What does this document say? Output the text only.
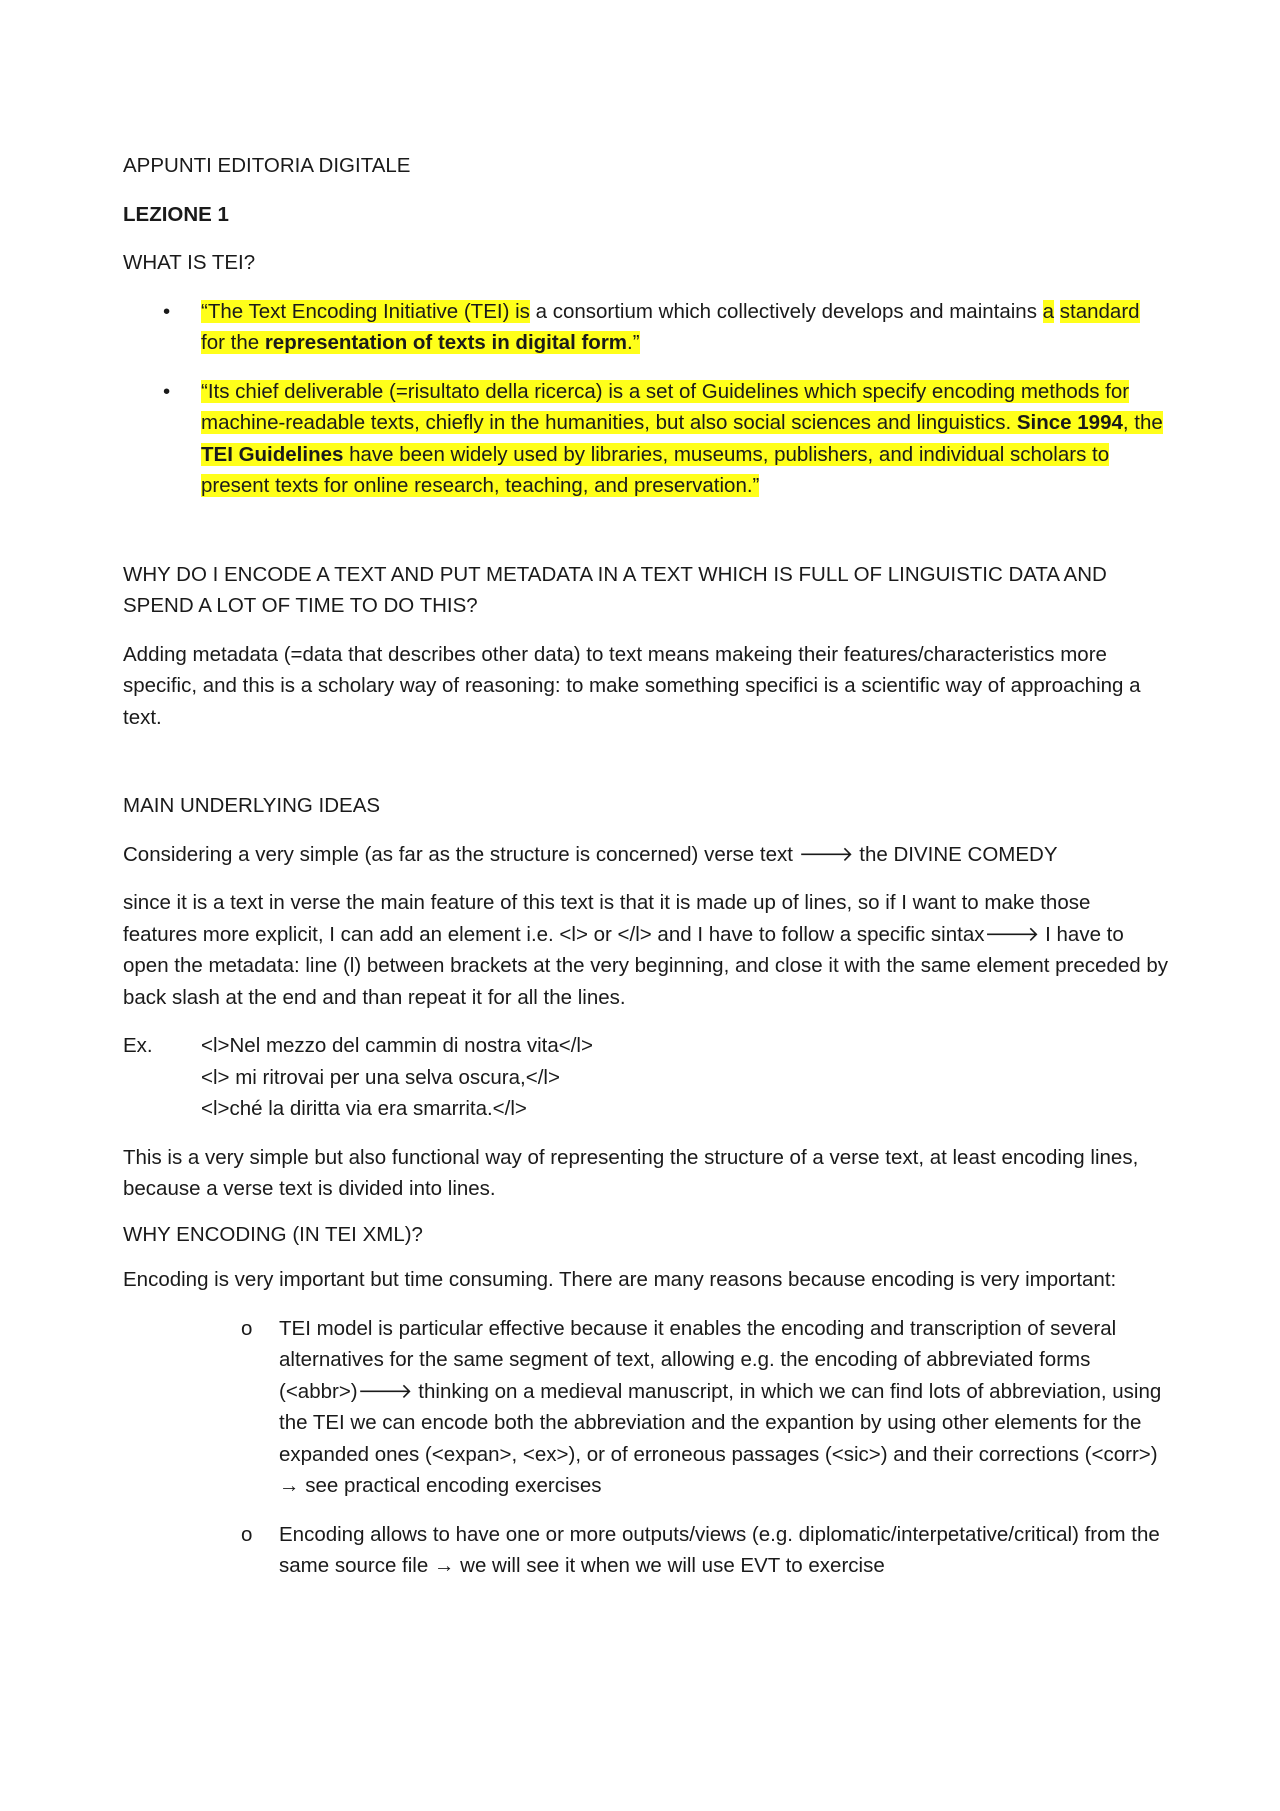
APPUNTI EDITORIA DIGITALE

LEZIONE 1

WHAT IS TEI?

• “The Text Encoding Initiative (TEI) is a consortium which collectively develops and maintains a standard for the representation of texts in digital form.”
• “Its chief deliverable (=risultato della ricerca) is a set of Guidelines which specify encoding methods for machine-readable texts, chiefly in the humanities, but also social sciences and linguistics. Since 1994, the TEI Guidelines have been widely used by libraries, museums, publishers, and individual scholars to present texts for online research, teaching, and preservation.”

WHY DO I ENCODE A TEXT AND PUT METADATA IN A TEXT WHICH IS FULL OF LINGUISTIC DATA AND SPEND A LOT OF TIME TO DO THIS?

Adding metadata (=data that describes other data) to text means makeing their features/characteristics more specific, and this is a scholary way of reasoning: to make something specifici is a scientific way of approaching a text.

MAIN UNDERLYING IDEAS

Considering a very simple (as far as the structure is concerned) verse text 🡒 the DIVINE COMEDY

since it is a text in verse the main feature of this text is that it is made up of lines, so if I want to make those features more explicit, I can add an element i.e. <l> or </l> and I have to follow a specific sintax🡒 I have to open the metadata: line (l) between brackets at the very beginning, and close it with the same element preceded by back slash at the end and than repeat it for all the lines.

Ex.	<l>Nel mezzo del cammin di nostra vita</l>
<l> mi ritrovai per una selva oscura,</l>
<l>ché la diritta via era smarrita.</l>

This is a very simple but also functional way of representing the structure of a verse text, at least encoding lines, because a verse text is divided into lines.

WHY ENCODING (IN TEI XML)?

Encoding is very important but time consuming. There are many reasons because encoding is very important:

o TEI model is particular effective because it enables the encoding and transcription of several alternatives for the same segment of text, allowing e.g. the encoding of abbreviated forms (<abbr>)🡒 thinking on a medieval manuscript, in which we can find lots of abbreviation, using the TEI we can encode both the abbreviation and the expantion by using other elements for the expanded ones (<expan>, <ex>), or of erroneous passages (<sic>) and their corrections (<corr>) → see practical encoding exercises
o Encoding allows to have one or more outputs/views (e.g. diplomatic/interpetative/critical) from the same source file → we will see it when we will use EVT to exercise
